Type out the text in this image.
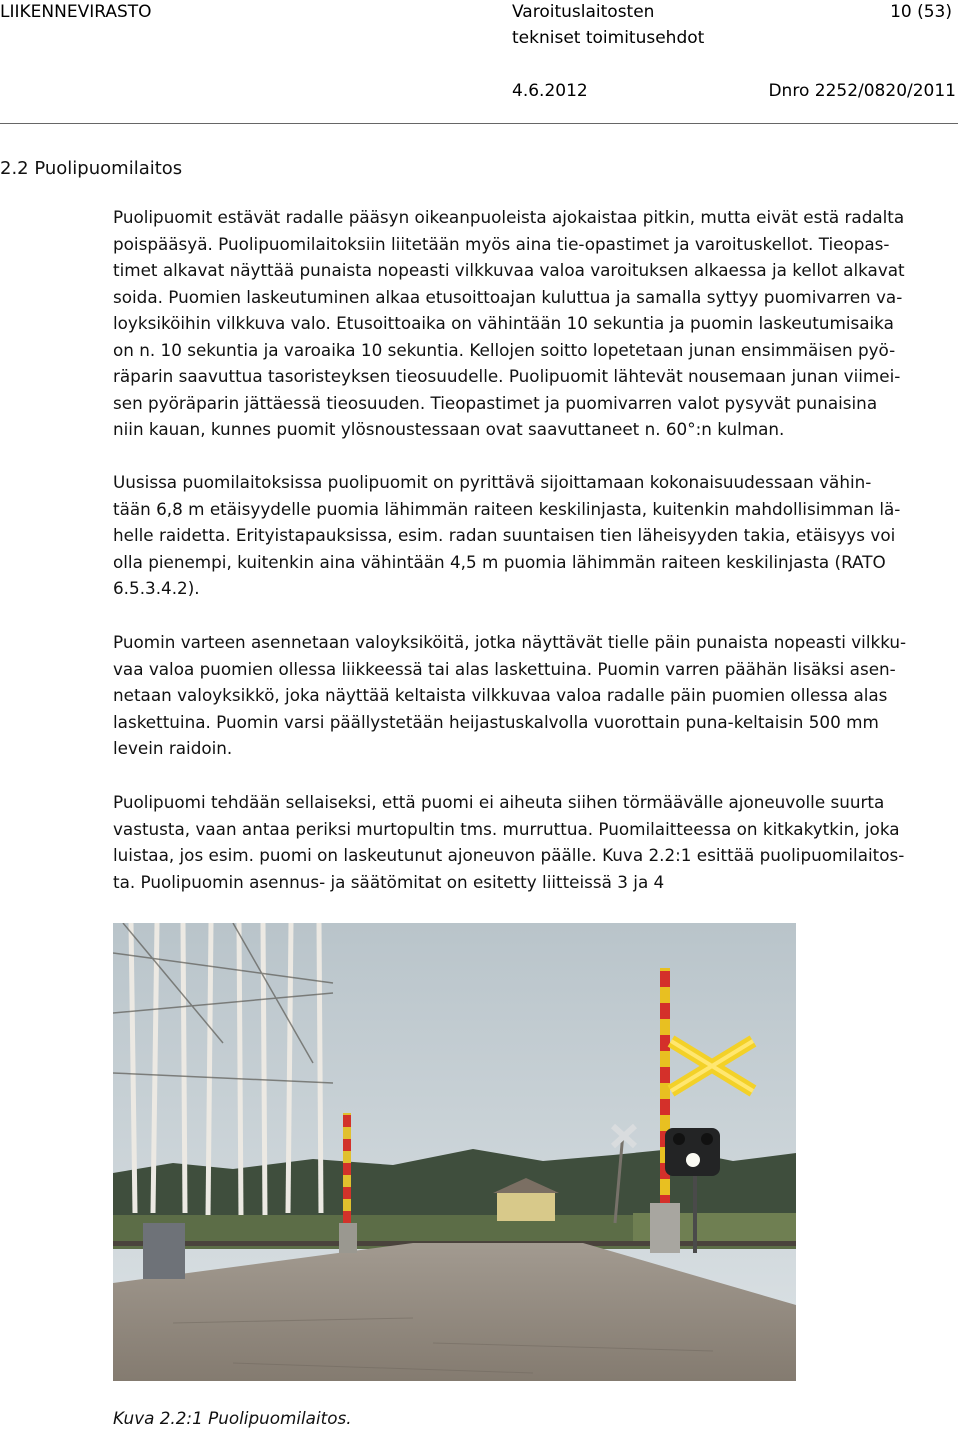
LIIKENNEVIRASTO	Varoituslaitosten
tekniset toimitusehdot
10 (53)
4.6.2012	Dnro 2252/0820/2011
2.2 Puolipuomilaitos
Puolipuomit estävät radalle pääsyn oikeanpuoleista ajokaistaa pitkin, mutta eivät estä radalta
poispääsyä. Puolipuomilaitoksiin liitetään myös aina tie-opastimet ja varoituskellot. Tieopas-
timet alkavat näyttää punaista nopeasti vilkkuvaa valoa varoituksen alkaessa ja kellot alkavat
soida. Puomien laskeutuminen alkaa etusoittoajan kuluttua ja samalla syttyy puomivarren va-
loyksiköihin vilkkuva valo. Etusoittoaika on vähintään 10 sekuntia ja puomin laskeutumisaika
on n. 10 sekuntia ja varoaika 10 sekuntia. Kellojen soitto lopetetaan junan ensimmäisen pyö-
räparin saavuttua tasoristeyksen tieosuudelle. Puolipuomit lähtevät nousemaan junan viimei-
sen pyöräparin jättäessä tieosuuden. Tieopastimet ja puomivarren valot pysyvät punaisina
niin kauan, kunnes puomit ylösnoustessaan ovat saavuttaneet n. 60°:n kulman.
Uusissa puomilaitoksissa puolipuomit on pyrittävä sijoittamaan kokonaisuudessaan vähin-
tään 6,8 m etäisyydelle puomia lähimmän raiteen keskilinjasta, kuitenkin mahdollisimman lä-
helle raidetta. Erityistapauksissa, esim. radan suuntaisen tien läheisyyden takia, etäisyys voi
olla pienempi, kuitenkin aina vähintään 4,5 m puomia lähimmän raiteen keskilinjasta (RATO
6.5.3.4.2).
Puomin varteen asennetaan valoyksiköitä, jotka näyttävät tielle päin punaista nopeasti vilkku-
vaa valoa puomien ollessa liikkeessä tai alas laskettuina. Puomin varren päähän lisäksi asen-
netaan valoyksikkö, joka näyttää keltaista vilkkuvaa valoa radalle päin puomien ollessa alas
laskettuina. Puomin varsi päällystetään heijastuskalvolla vuorottain puna-keltaisin 500 mm
levein raidoin.
Puolipuomi tehdään sellaiseksi, että puomi ei aiheuta siihen törmäävälle ajoneuvolle suurta
vastusta, vaan antaa periksi murtopultin tms. murruttua. Puomilaitteessa on kitkakytkin, joka
luistaa, jos esim. puomi on laskeutunut ajoneuvon päälle. Kuva 2.2:1 esittää puolipuomilaitos-
ta. Puolipuomin asennus- ja säätömitat on esitetty liitteissä 3 ja 4
Kuva 2.2:1 Puolipuomilaitos.
